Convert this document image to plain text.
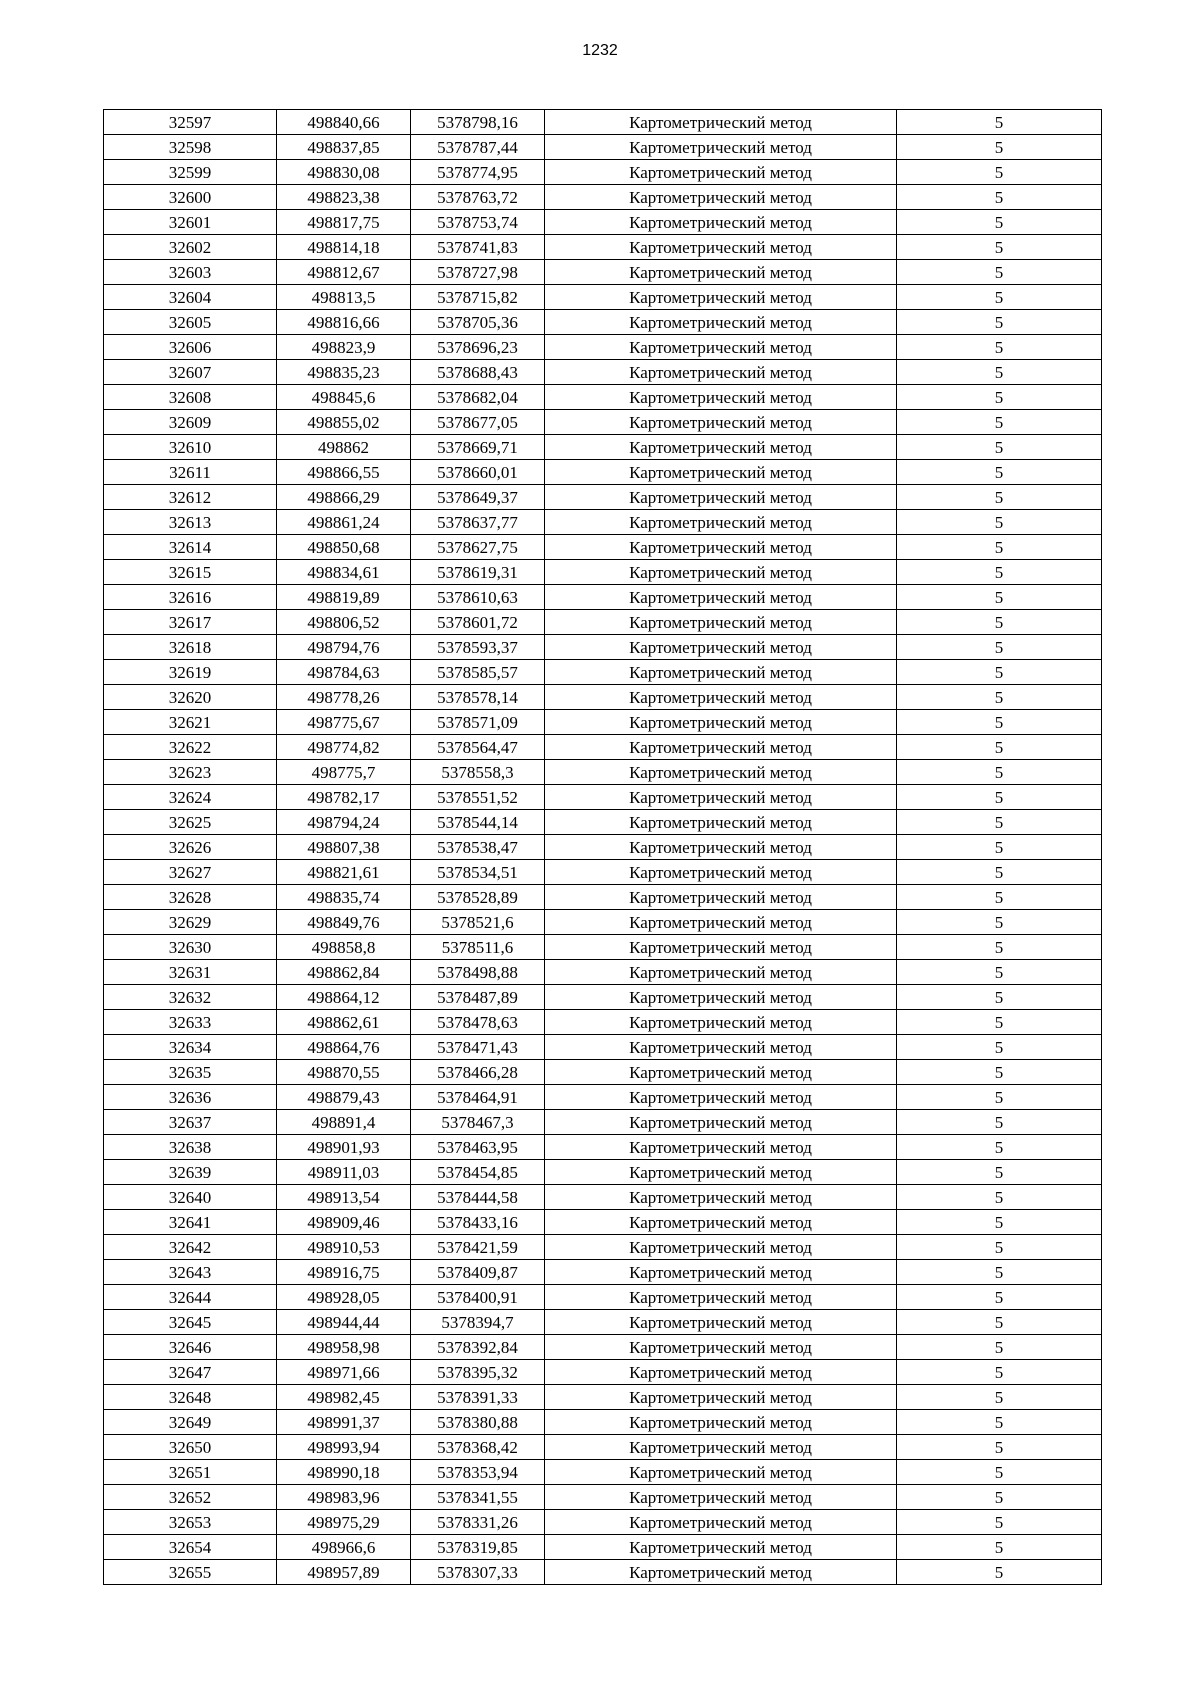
1232
32597	498840,66	5378798,16	Картометрический метод	5
32598	498837,85	5378787,44	Картометрический метод	5
32599	498830,08	5378774,95	Картометрический метод	5
32600	498823,38	5378763,72	Картометрический метод	5
32601	498817,75	5378753,74	Картометрический метод	5
32602	498814,18	5378741,83	Картометрический метод	5
32603	498812,67	5378727,98	Картометрический метод	5
32604	498813,5	5378715,82	Картометрический метод	5
32605	498816,66	5378705,36	Картометрический метод	5
32606	498823,9	5378696,23	Картометрический метод	5
32607	498835,23	5378688,43	Картометрический метод	5
32608	498845,6	5378682,04	Картометрический метод	5
32609	498855,02	5378677,05	Картометрический метод	5
32610	498862	5378669,71	Картометрический метод	5
32611	498866,55	5378660,01	Картометрический метод	5
32612	498866,29	5378649,37	Картометрический метод	5
32613	498861,24	5378637,77	Картометрический метод	5
32614	498850,68	5378627,75	Картометрический метод	5
32615	498834,61	5378619,31	Картометрический метод	5
32616	498819,89	5378610,63	Картометрический метод	5
32617	498806,52	5378601,72	Картометрический метод	5
32618	498794,76	5378593,37	Картометрический метод	5
32619	498784,63	5378585,57	Картометрический метод	5
32620	498778,26	5378578,14	Картометрический метод	5
32621	498775,67	5378571,09	Картометрический метод	5
32622	498774,82	5378564,47	Картометрический метод	5
32623	498775,7	5378558,3	Картометрический метод	5
32624	498782,17	5378551,52	Картометрический метод	5
32625	498794,24	5378544,14	Картометрический метод	5
32626	498807,38	5378538,47	Картометрический метод	5
32627	498821,61	5378534,51	Картометрический метод	5
32628	498835,74	5378528,89	Картометрический метод	5
32629	498849,76	5378521,6	Картометрический метод	5
32630	498858,8	5378511,6	Картометрический метод	5
32631	498862,84	5378498,88	Картометрический метод	5
32632	498864,12	5378487,89	Картометрический метод	5
32633	498862,61	5378478,63	Картометрический метод	5
32634	498864,76	5378471,43	Картометрический метод	5
32635	498870,55	5378466,28	Картометрический метод	5
32636	498879,43	5378464,91	Картометрический метод	5
32637	498891,4	5378467,3	Картометрический метод	5
32638	498901,93	5378463,95	Картометрический метод	5
32639	498911,03	5378454,85	Картометрический метод	5
32640	498913,54	5378444,58	Картометрический метод	5
32641	498909,46	5378433,16	Картометрический метод	5
32642	498910,53	5378421,59	Картометрический метод	5
32643	498916,75	5378409,87	Картометрический метод	5
32644	498928,05	5378400,91	Картометрический метод	5
32645	498944,44	5378394,7	Картометрический метод	5
32646	498958,98	5378392,84	Картометрический метод	5
32647	498971,66	5378395,32	Картометрический метод	5
32648	498982,45	5378391,33	Картометрический метод	5
32649	498991,37	5378380,88	Картометрический метод	5
32650	498993,94	5378368,42	Картометрический метод	5
32651	498990,18	5378353,94	Картометрический метод	5
32652	498983,96	5378341,55	Картометрический метод	5
32653	498975,29	5378331,26	Картометрический метод	5
32654	498966,6	5378319,85	Картометрический метод	5
32655	498957,89	5378307,33	Картометрический метод	5
